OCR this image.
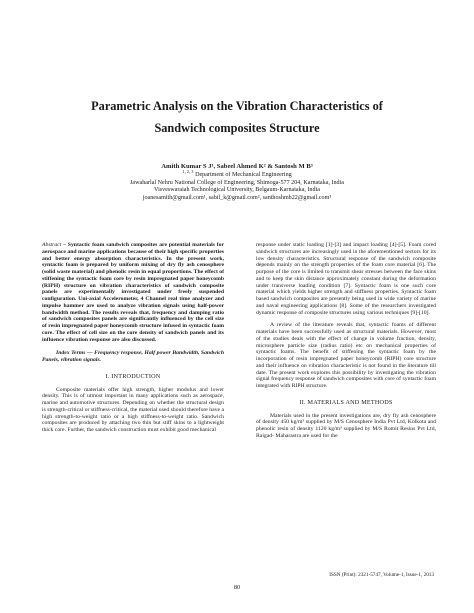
Parametric Analysis on the Vibration Characteristics of
Sandwich composites Structure
Amith Kumar S J¹, Sabeel Ahmed K² & Santosh M B³
$^{1, 2, 3}$ Department of Mechanical Engineering
Jawaharlal Nehru National College of Engineering, Shimoga-577 204, Karnataka, India
Visveswaraiah Technological University, Belgaum-Karnataka, India
joanesamith@gmail.com¹, sabil_k@gmail.com², santhoshmb22@gmail.com³

Abstract – Syntactic foam sandwich composites are potential materials for aerospace and marine applications because of their high specific properties and better energy absorption characteristics. In the present work, syntactic foam is prepared by uniform mixing of dry fly ash cenosphere (solid waste material) and phenolic resin in equal proportions. The effect of stiffening the syntactic foam core by resin impregnated paper honeycomb (RIPH) structure on vibration characteristics of sandwich composite panels are experimentally investigated under freely suspended configuration. Uni-axial Accelerometer, 4 Channel real time analyzer and impulse hammer are used to analyze vibration signals using half-power bandwidth method. The results reveals that, frequency and damping ratio of sandwich composites panels are significantly influenced by the cell size of resin impregnated paper honeycomb structure infused in syntactic foam core. The effect of cell size on the core density of sandwich panels and its influence vibration response are also discussed.

Index Terms — Frequency response, Half power Bandwidth, Sandwich Panels, vibration signals.

I. INTRODUCTION

Composite materials offer high strength, higher modulus and lower density. This is of utmost important in many applications such as aerospace, marine and automotive structures. Depending on whether the structural design is strength-critical or stiffness-critical, the material used should therefore have a high strength-to-weight ratio or a high stiffness-to-weight ratio. Sandwich composites are produced by attaching two thin but stiff skins to a lightweight thick core. Further, the sandwich construction must exhibit good mechanical

response under static loading [1]-[3] and impact loading [4]-[5]. Foam cored sandwich structures are increasingly used in the aforementioned sectors for its low density characteristics. Structural response of the sandwich composite depends mainly on the strength properties of the foam core material [6]. The purpose of the core is limited to transmit shear stresses between the face skins and to keep the skin distance approximately constant during the deformation under transverse loading condition [7]. Syntactic foam is one such core material which yields higher strength and stiffness properties. Syntactic foam based sandwich composites are presently being used in wide variety of marine and naval engineering applications [8]. Some of the researchers investigated dynamic response of composite structures using various techniques [9]-[10].

A review of the literature reveals that, syntactic foams of different materials have been successfully used as structural materials. However, most of the studies deals with the effect of change in volume fraction, density, microsphere particle size (radius ratio) etc on mechanical properties of syntactic foams. The benefit of stiffening the syntactic foam by the incorporation of resin impregnated paper honeycomb (RIPH) core structure and their influence on vibration characteristic is not found in the literature till date. The present work explores this possibility by investigating the vibration signal frequency response of sandwich composites with core of syntactic foam integrated with RIPH structure.

II. MATERIALS AND METHODS

Materials used in the present investigations are, dry fly ash cenosphere of density 450 kg/m³ supplied by M/S Cenosphere India Pvt Ltd, Kolkota and phenolic resin of density 1120 kg/m³ supplied by M/S Romit Resins Pvt Ltd, Raigad- Maharastra are used for the

ISSN (Print): 2321-5747, Volume-1, Issue-1, 2013
80
